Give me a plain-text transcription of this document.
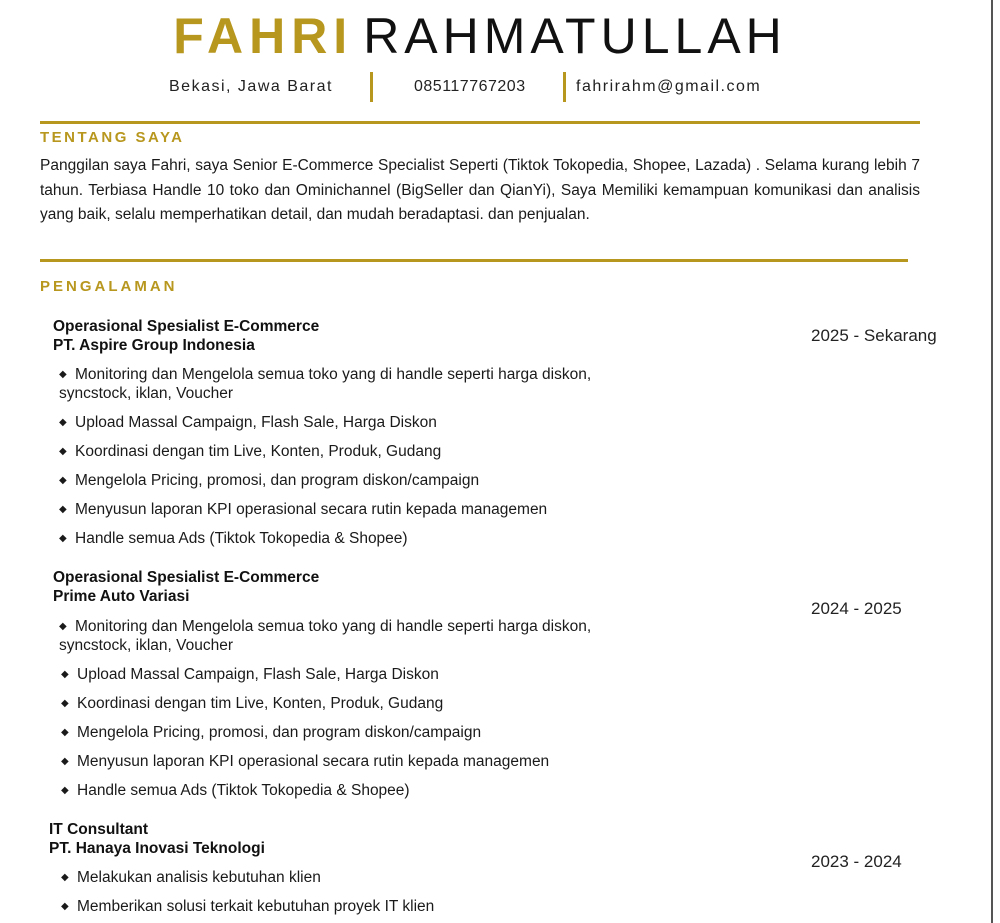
FAHRI RAHMATULLAH
Bekasi, Jawa Barat	085117767203	fahrirahm@gmail.com
TENTANG SAYA
Panggilan saya Fahri, saya Senior E-Commerce Specialist Seperti (Tiktok Tokopedia, Shopee, Lazada) . Selama kurang lebih 7 tahun. Terbiasa Handle 10 toko dan Ominichannel (BigSeller dan QianYi), Saya Memiliki kemampuan komunikasi dan analisis yang baik, selalu memperhatikan detail, dan mudah beradaptasi. dan penjualan.
PENGALAMAN
Operasional Spesialist E-Commerce
PT. Aspire Group Indonesia
2025 - Sekarang
◆ Monitoring dan Mengelola semua toko yang di handle seperti harga diskon,
syncstock, iklan, Voucher
◆ Upload Massal Campaign, Flash Sale, Harga Diskon
◆ Koordinasi dengan tim Live, Konten, Produk, Gudang
◆ Mengelola Pricing, promosi, dan program diskon/campaign
◆ Menyusun laporan KPI operasional secara rutin kepada managemen
◆ Handle semua Ads (Tiktok Tokopedia & Shopee)
Operasional Spesialist E-Commerce
Prime Auto Variasi
2024 - 2025
◆ Monitoring dan Mengelola semua toko yang di handle seperti harga diskon,
syncstock, iklan, Voucher
◆ Upload Massal Campaign, Flash Sale, Harga Diskon
◆ Koordinasi dengan tim Live, Konten, Produk, Gudang
◆ Mengelola Pricing, promosi, dan program diskon/campaign
◆ Menyusun laporan KPI operasional secara rutin kepada managemen
◆ Handle semua Ads (Tiktok Tokopedia & Shopee)
IT Consultant
PT. Hanaya Inovasi Teknologi
2023 - 2024
◆ Melakukan analisis kebutuhan klien
◆ Memberikan solusi terkait kebutuhan proyek IT klien
